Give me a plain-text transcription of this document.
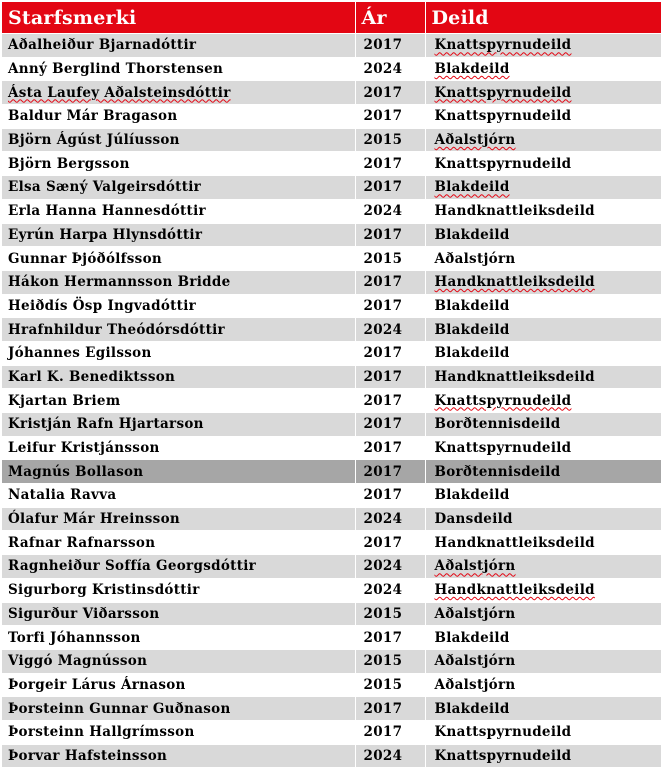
Starfsmerki	Ár	Deild
Aðalheiður Bjarnadóttir	2017	Knattspyrnudeild
Anný Berglind Thorstensen	2024	Blakdeild
Ásta Laufey Aðalsteinsdóttir	2017	Knattspyrnudeild
Baldur Már Bragason	2017	Knattspyrnudeild
Björn Ágúst Júlíusson	2015	Aðalstjórn
Björn Bergsson	2017	Knattspyrnudeild
Elsa Sæný Valgeirsdóttir	2017	Blakdeild
Erla Hanna Hannesdóttir	2024	Handknattleiksdeild
Eyrún Harpa Hlynsdóttir	2017	Blakdeild
Gunnar Þjóðólfsson	2015	Aðalstjórn
Hákon Hermannsson Bridde	2017	Handknattleiksdeild
Heiðdís Ösp Ingvadóttir	2017	Blakdeild
Hrafnhildur Theódórsdóttir	2024	Blakdeild
Jóhannes Egilsson	2017	Blakdeild
Karl K. Benediktsson	2017	Handknattleiksdeild
Kjartan Briem	2017	Knattspyrnudeild
Kristján Rafn Hjartarson	2017	Borðtennisdeild
Leifur Kristjánsson	2017	Knattspyrnudeild
Magnús Bollason	2017	Borðtennisdeild
Natalia Ravva	2017	Blakdeild
Ólafur Már Hreinsson	2024	Dansdeild
Rafnar Rafnarsson	2017	Handknattleiksdeild
Ragnheiður Soffía Georgsdóttir	2024	Aðalstjórn
Sigurborg Kristinsdóttir	2024	Handknattleiksdeild
Sigurður Viðarsson	2015	Aðalstjórn
Torfi Jóhannsson	2017	Blakdeild
Viggó Magnússon	2015	Aðalstjórn
Þorgeir Lárus Árnason	2015	Aðalstjórn
Þorsteinn Gunnar Guðnason	2017	Blakdeild
Þorsteinn Hallgrímsson	2017	Knattspyrnudeild
Þorvar Hafsteinsson	2024	Knattspyrnudeild
